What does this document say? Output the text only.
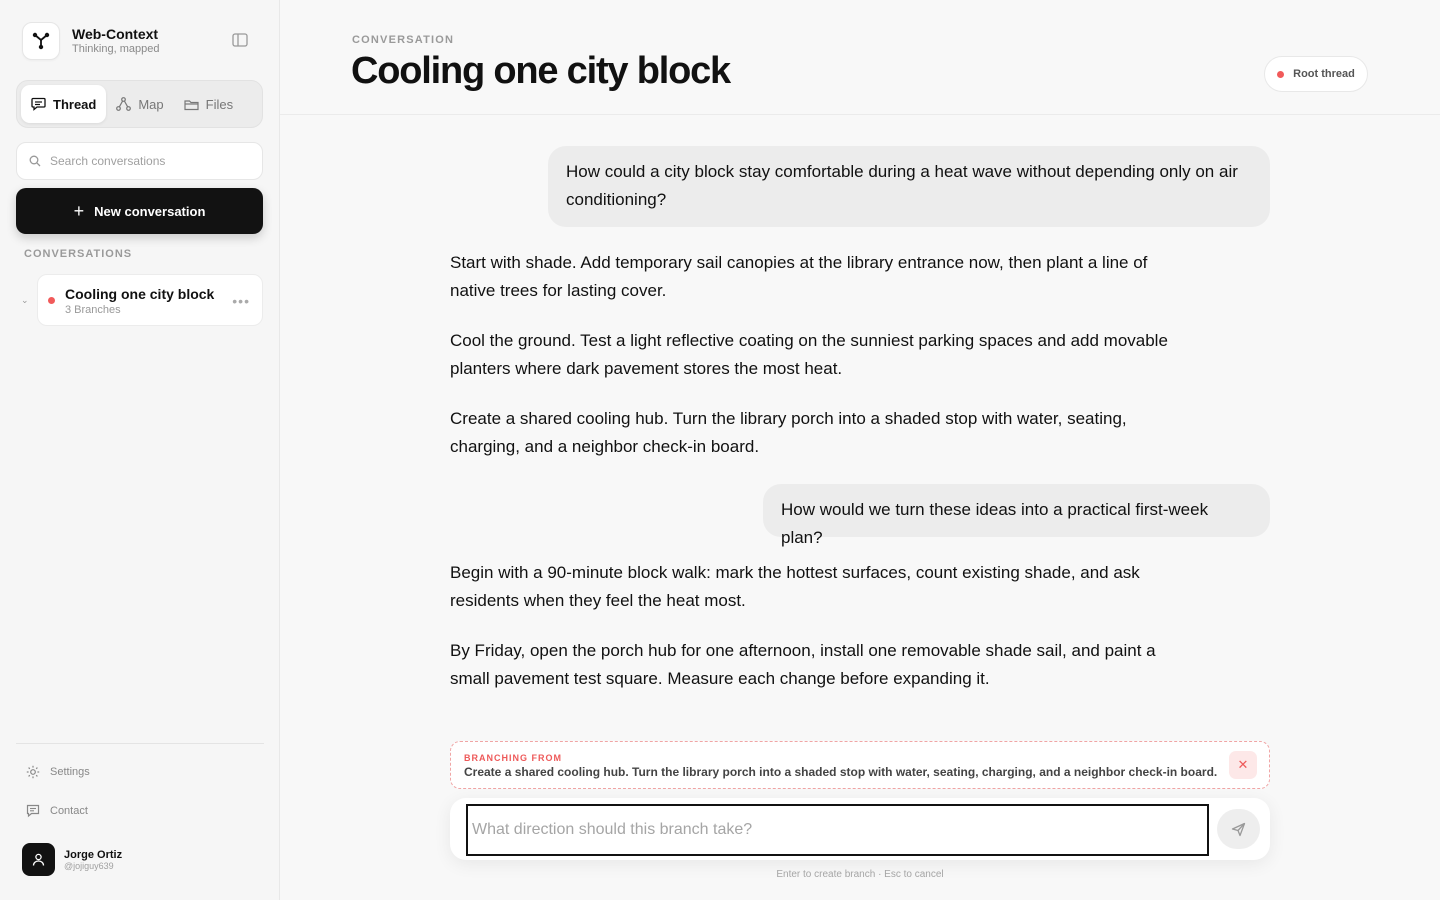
Web-Context
Thinking, mapped
Thread	Map	Files
Search conversations
+ New conversation
CONVERSATIONS
⌄	Cooling one city block
3 Branches
•••
Settings
Contact
Jorge Ortiz
@jojiguy639
CONVERSATION
Cooling one city block	Root thread
How could a city block stay comfortable during a heat wave without depending only on air conditioning?

Start with shade. Add temporary sail canopies at the library entrance now, then plant a line of native trees for lasting cover.

Cool the ground. Test a light reflective coating on the sunniest parking spaces and add movable planters where dark pavement stores the most heat.

Create a shared cooling hub. Turn the library porch into a shaded stop with water, seating, charging, and a neighbor check-in board.

How would we turn these ideas into a practical first-week plan?

Begin with a 90-minute block walk: mark the hottest surfaces, count existing shade, and ask residents when they feel the heat most.

By Friday, open the porch hub for one afternoon, install one removable shade sail, and paint a small pavement test square. Measure each change before expanding it.

BRANCHING FROM
Create a shared cooling hub. Turn the library porch into a shaded stop with water, seating, charging, and a neighbor check-in board.	✕
What direction should this branch take?
Enter to create branch · Esc to cancel
